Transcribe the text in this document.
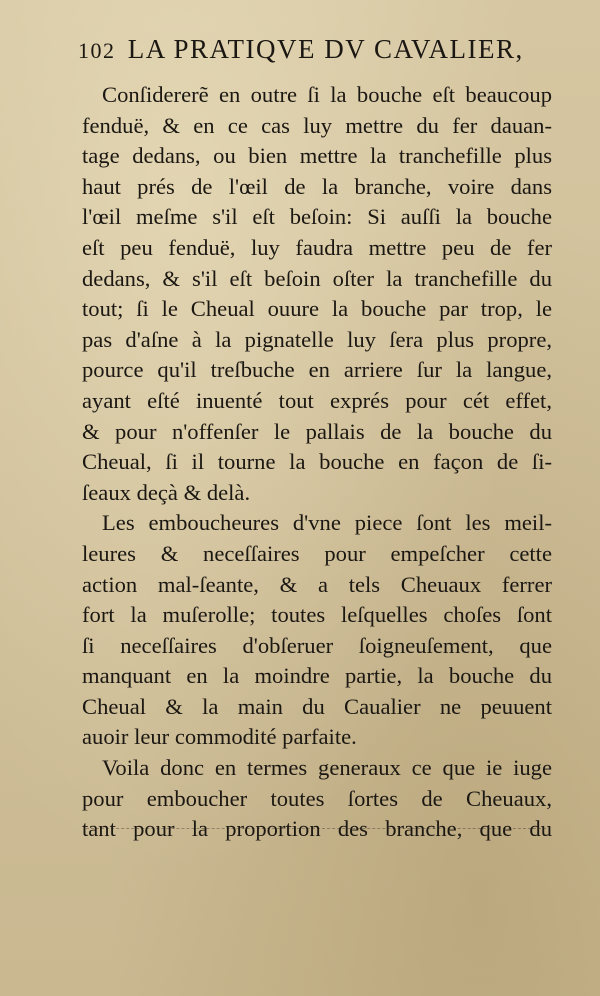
102 LA PRATIQVE DV CAVALIER,
Conſidererẽ en outre ſi la bouche eſt beaucoup
fenduë, & en ce cas luy mettre du fer dauan-
tage dedans, ou bien mettre la tranchefille plus
haut prés de l'œil de la branche, voire dans
l'œil meſme s'il eſt beſoin: Si auſſi la bouche
eſt peu fenduë, luy faudra mettre peu de fer
dedans, & s'il eſt beſoin oſter la tranchefille du
tout; ſi le Cheual ouure la bouche par trop, le
pas d'aſne à la pignatelle luy ſera plus propre,
pource qu'il treſbuche en arriere ſur la langue,
ayant eſté inuenté tout exprés pour cét effet,
& pour n'offenſer le pallais de la bouche du
Cheual, ſi il tourne la bouche en façon de ſi-
ſeaux deçà & delà.
Les emboucheures d'vne piece ſont les meil-
leures & neceſſaires pour empeſcher cette
action mal-ſeante, & a tels Cheuaux ferrer
fort la muſerolle; toutes leſquelles choſes ſont
ſi neceſſaires d'obſeruer ſoigneuſement, que
manquant en la moindre partie, la bouche du
Cheual & la main du Caualier ne peuuent
auoir leur commodité parfaite.
Voila donc en termes generaux ce que ie iuge
pour emboucher toutes ſortes de Cheuaux,
tant pour la proportion des branche, que du
